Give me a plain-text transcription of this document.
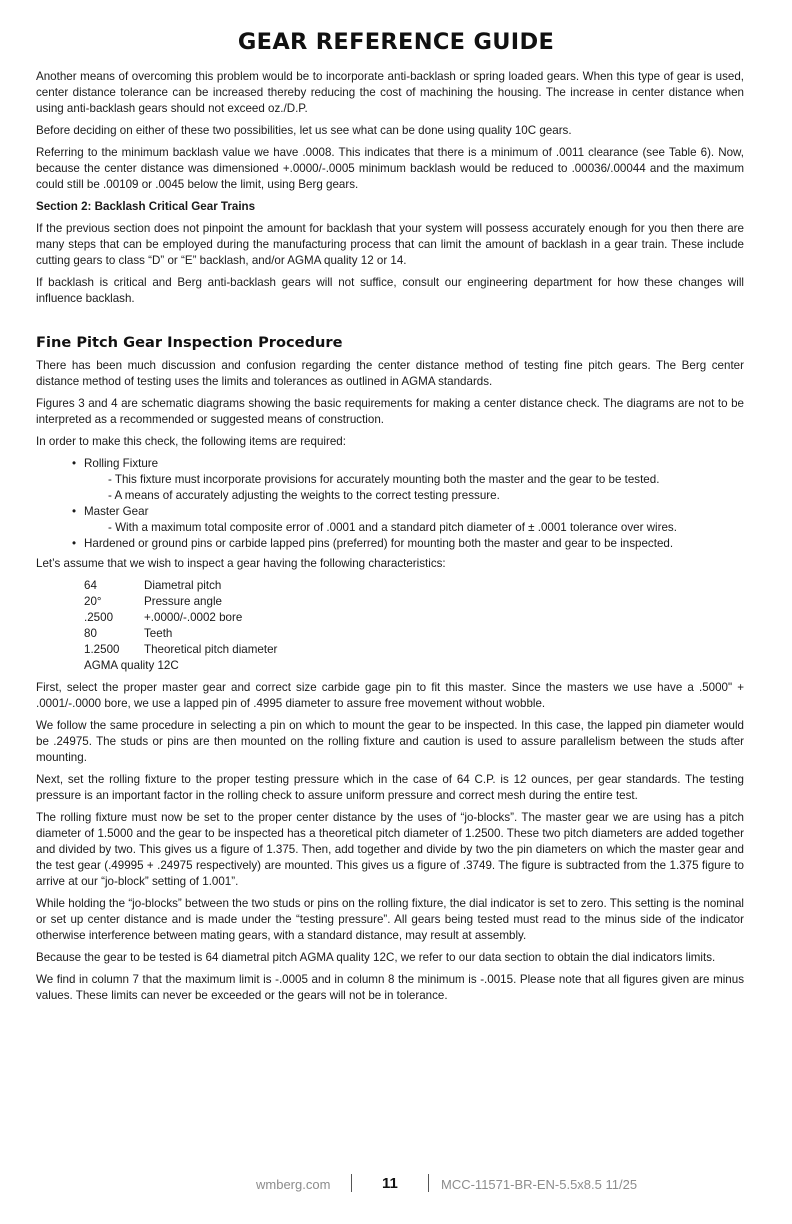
GEAR REFERENCE GUIDE

Another means of overcoming this problem would be to incorporate anti-backlash or spring loaded gears. When this type of gear is used, center distance tolerance can be increased thereby reducing the cost of machining the housing. The increase in center distance when using anti-backlash gears should not exceed oz./D.P.

Before deciding on either of these two possibilities, let us see what can be done using quality 10C gears.

Referring to the minimum backlash value we have .0008. This indicates that there is a minimum of .0011 clearance (see Table 6). Now, because the center distance was dimensioned +.0000/-.0005 minimum backlash would be reduced to .00036/.00044 and the maximum could still be .00109 or .0045 below the limit, using Berg gears.

Section 2: Backlash Critical Gear Trains

If the previous section does not pinpoint the amount for backlash that your system will possess accurately enough for you then there are many steps that can be employed during the manufacturing process that can limit the amount of backlash in a gear train. These include cutting gears to class “D” or “E” backlash, and/or AGMA quality 12 or 14.

If backlash is critical and Berg anti-backlash gears will not suffice, consult our engineering department for how these changes will influence backlash.

Fine Pitch Gear Inspection Procedure

There has been much discussion and confusion regarding the center distance method of testing fine pitch gears. The Berg center distance method of testing uses the limits and tolerances as outlined in AGMA standards.

Figures 3 and 4 are schematic diagrams showing the basic requirements for making a center distance check. The diagrams are not to be interpreted as a recommended or suggested means of construction.

In order to make this check, the following items are required:

• Rolling Fixture
- This fixture must incorporate provisions for accurately mounting both the master and the gear to be tested.
- A means of accurately adjusting the weights to the correct testing pressure.
• Master Gear
- With a maximum total composite error of .0001 and a standard pitch diameter of ± .0001 tolerance over wires.
• Hardened or ground pins or carbide lapped pins (preferred) for mounting both the master and gear to be inspected.

Let’s assume that we wish to inspect a gear having the following characteristics:

64	Diametral pitch
20°	Pressure angle
.2500	+.0000/-.0002 bore
80	Teeth
1.2500	Theoretical pitch diameter
AGMA quality 12C

First, select the proper master gear and correct size carbide gage pin to fit this master. Since the masters we use have a .5000" + .0001/-.0000 bore, we use a lapped pin of .4995 diameter to assure free movement without wobble.

We follow the same procedure in selecting a pin on which to mount the gear to be inspected. In this case, the lapped pin diameter would be .24975. The studs or pins are then mounted on the rolling fixture and caution is used to assure parallelism between the studs after mounting.

Next, set the rolling fixture to the proper testing pressure which in the case of 64 C.P. is 12 ounces, per gear standards. The testing pressure is an important factor in the rolling check to assure uniform pressure and correct mesh during the entire test.

The rolling fixture must now be set to the proper center distance by the uses of “jo-blocks”. The master gear we are using has a pitch diameter of 1.5000 and the gear to be inspected has a theoretical pitch diameter of 1.2500. These two pitch diameters are added together and divided by two. This gives us a figure of 1.375. Then, add together and divide by two the pin diameters on which the master gear and the test gear (.49995 + .24975 respectively) are mounted. This gives us a figure of .3749. The figure is subtracted from the 1.375 figure to arrive at our “jo-block” setting of 1.001”.

While holding the “jo-blocks” between the two studs or pins on the rolling fixture, the dial indicator is set to zero. This setting is the nominal or set up center distance and is made under the “testing pressure”. All gears being tested must read to the minus side of the indicator otherwise interference between mating gears, with a standard distance, may result at assembly.

Because the gear to be tested is 64 diametral pitch AGMA quality 12C, we refer to our data section to obtain the dial indicators limits.

We find in column 7 that the maximum limit is -.0005 and in column 8 the minimum is -.0015. Please note that all figures given are minus values. These limits can never be exceeded or the gears will not be in tolerance.

wmberg.com	11	MCC-11571-BR-EN-5.5x8.5 11/25
